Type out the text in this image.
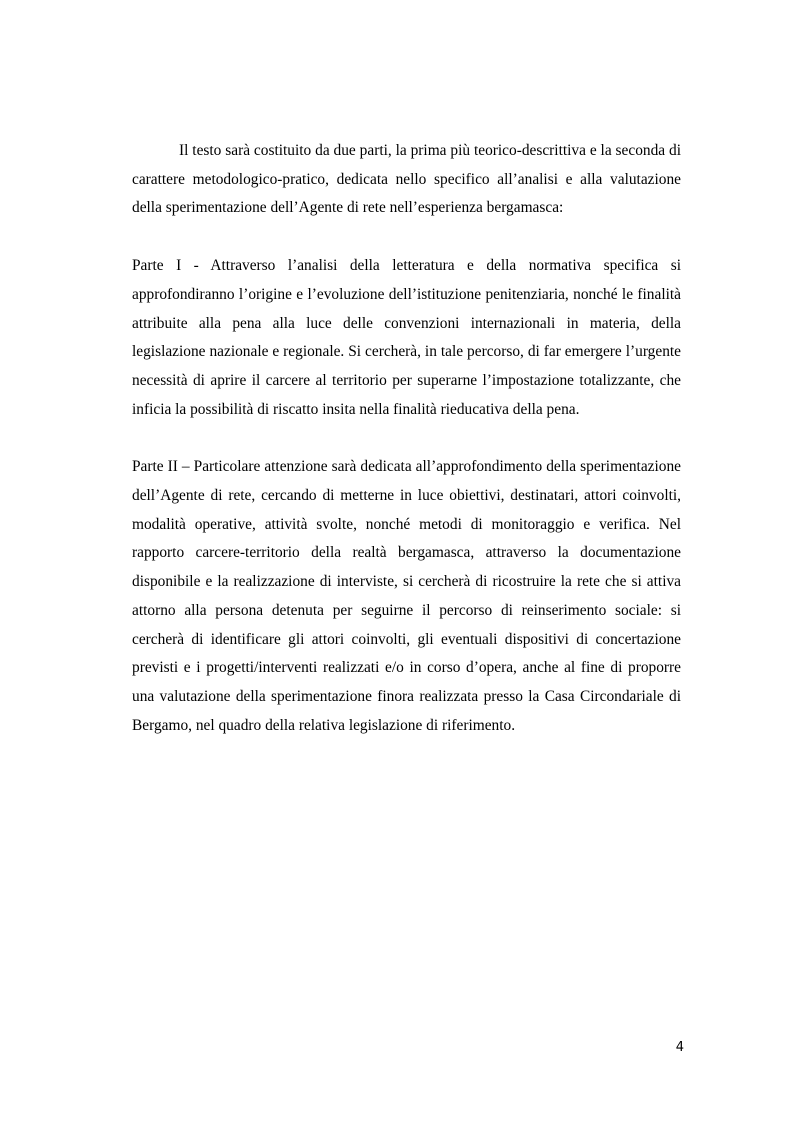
Il testo sarà costituito da due parti, la prima più teorico-descrittiva e la seconda di carattere metodologico-pratico, dedicata nello specifico all’analisi e alla valutazione della sperimentazione dell’Agente di rete nell’esperienza bergamasca:

Parte I - Attraverso l’analisi della letteratura e della normativa specifica si approfondiranno l’origine e l’evoluzione dell’istituzione penitenziaria, nonché le finalità attribuite alla pena alla luce delle convenzioni internazionali in materia, della legislazione nazionale e regionale. Si cercherà, in tale percorso, di far emergere l’urgente necessità di aprire il carcere al territorio per superarne l’impostazione totalizzante, che inficia la possibilità di riscatto insita nella finalità rieducativa della pena.

Parte II – Particolare attenzione sarà dedicata all’approfondimento della sperimentazione dell’Agente di rete, cercando di metterne in luce obiettivi, destinatari, attori coinvolti, modalità operative, attività svolte, nonché metodi di monitoraggio e verifica. Nel rapporto carcere-territorio della realtà bergamasca, attraverso la documentazione disponibile e la realizzazione di interviste, si cercherà di ricostruire la rete che si attiva attorno alla persona detenuta per seguirne il percorso di reinserimento sociale: si cercherà di identificare gli attori coinvolti, gli eventuali dispositivi di concertazione previsti e i progetti/interventi realizzati e/o in corso d’opera, anche al fine di proporre una valutazione della sperimentazione finora realizzata presso la Casa Circondariale di Bergamo, nel quadro della relativa legislazione di riferimento.

4
